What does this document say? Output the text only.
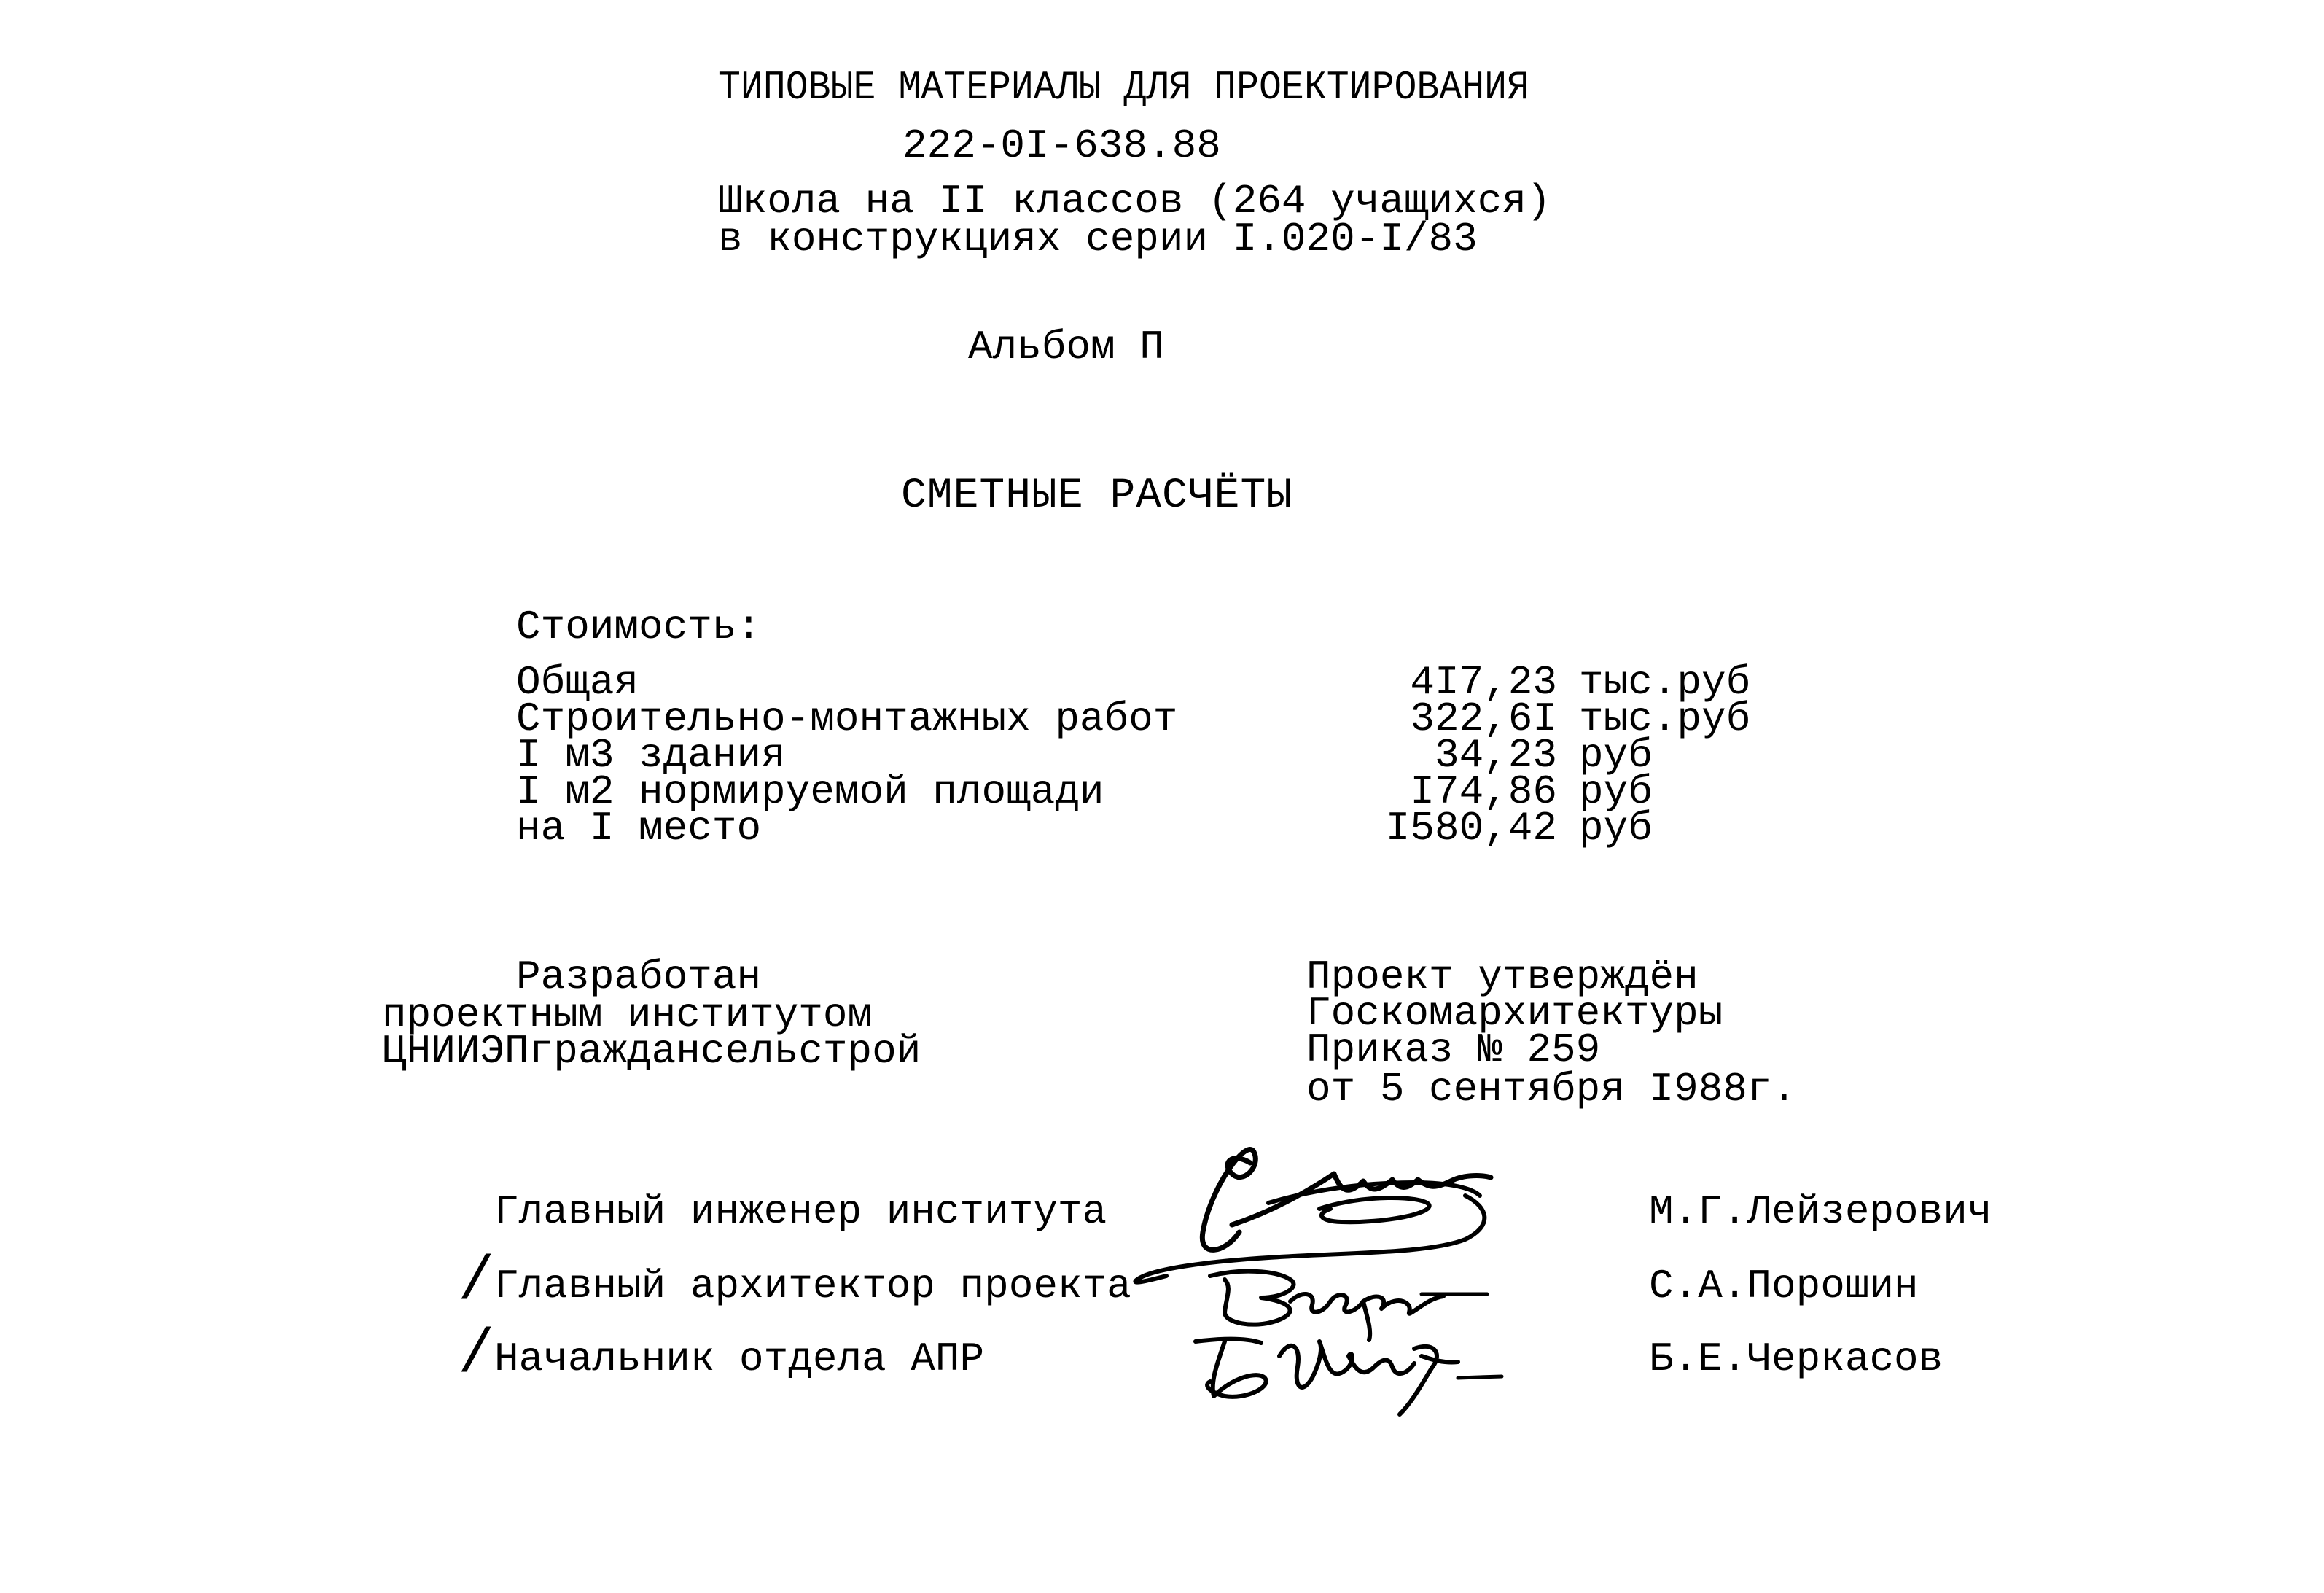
ТИПОВЫЕ МАТЕРИАЛЫ ДЛЯ ПРОЕКТИРОВАНИЯ
222-0I-638.88
Школа на II классов (264 учащихся)
в конструкциях серии I.020-I/83
Альбом П
СМЕТНЫЕ РАСЧЁТЫ
Стоимость:
Общая	4I7,23 тыс.руб
Строительно-монтажных работ	322,6I тыс.руб
I м3 здания	34,23 руб
I м2 нормируемой площади	I74,86 руб
на I место	I580,42 руб
Разработан
проектным институтом
ЦНИИЭПграждансельстрой
Проект утверждён
Госкомархитектуры
Приказ № 259
от 5 сентября I988г.
Главный инженер института	М.Г.Лейзерович
/ Главный архитектор проекта	С.А.Порошин
/ Начальник отдела АПР	Б.Е.Черкасов
